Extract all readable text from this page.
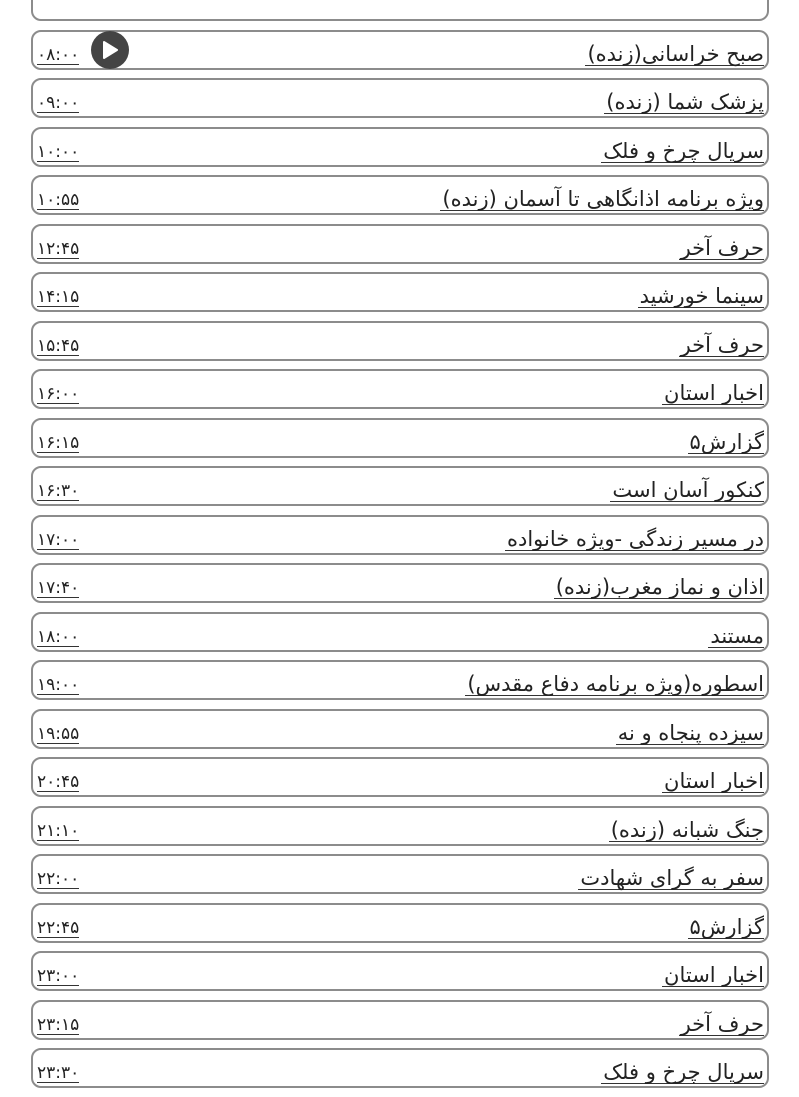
صبح خراسانی(زنده)
۰۸:۰۰
پزشک شما (زنده)
۰۹:۰۰
سریال چرخ و فلک
۱۰:۰۰
ویژه برنامه اذانگاهی تا آسمان (زنده)
۱۰:۵۵
حرف آخر
۱۲:۴۵
سینما خورشید
۱۴:۱۵
حرف آخر
۱۵:۴۵
اخبار استان
۱۶:۰۰
گزارش۵
۱۶:۱۵
کنکور آسان است
۱۶:۳۰
در مسیر زندگی -ویژه خانواده
۱۷:۰۰
اذان و نماز مغرب(زنده)
۱۷:۴۰
مستند
۱۸:۰۰
اسطوره(ویژه برنامه دفاع مقدس)
۱۹:۰۰
سیزده پنجاه و نه
۱۹:۵۵
اخبار استان
۲۰:۴۵
جنگ شبانه (زنده)
۲۱:۱۰
سفر به گرای شهادت
۲۲:۰۰
گزارش۵
۲۲:۴۵
اخبار استان
۲۳:۰۰
حرف آخر
۲۳:۱۵
سریال چرخ و فلک
۲۳:۳۰
